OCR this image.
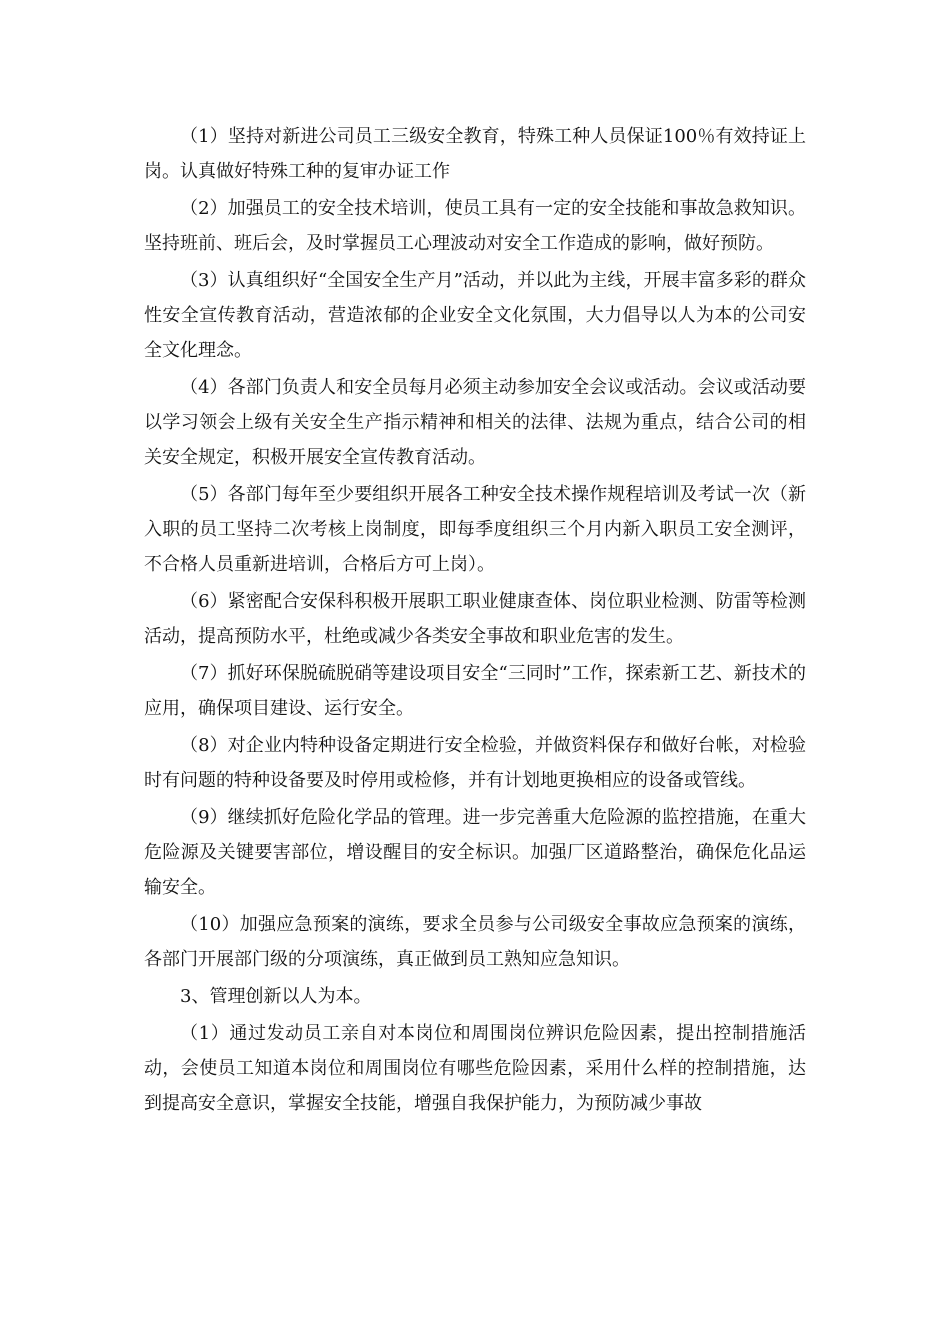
（1）坚持对新进公司员工三级安全教育，特殊工种人员保证100％有效持证上岗。认真做好特殊工种的复审办证工作

（2）加强员工的安全技术培训，使员工具有一定的安全技能和事故急救知识。坚持班前、班后会，及时掌握员工心理波动对安全工作造成的影响，做好预防。

（3）认真组织好“全国安全生产月”活动，并以此为主线，开展丰富多彩的群众性安全宣传教育活动，营造浓郁的企业安全文化氛围，大力倡导以人为本的公司安全文化理念。

（4）各部门负责人和安全员每月必须主动参加安全会议或活动。会议或活动要以学习领会上级有关安全生产指示精神和相关的法律、法规为重点，结合公司的相关安全规定，积极开展安全宣传教育活动。

（5）各部门每年至少要组织开展各工种安全技术操作规程培训及考试一次（新入职的员工坚持二次考核上岗制度，即每季度组织三个月内新入职员工安全测评，不合格人员重新进培训，合格后方可上岗）。

（6）紧密配合安保科积极开展职工职业健康查体、岗位职业检测、防雷等检测活动，提高预防水平，杜绝或减少各类安全事故和职业危害的发生。

（7）抓好环保脱硫脱硝等建设项目安全“三同时”工作，探索新工艺、新技术的应用，确保项目建设、运行安全。

（8）对企业内特种设备定期进行安全检验，并做资料保存和做好台帐，对检验时有问题的特种设备要及时停用或检修，并有计划地更换相应的设备或管线。

（9）继续抓好危险化学品的管理。进一步完善重大危险源的监控措施，在重大危险源及关键要害部位，增设醒目的安全标识。加强厂区道路整治，确保危化品运输安全。

（10）加强应急预案的演练，要求全员参与公司级安全事故应急预案的演练，各部门开展部门级的分项演练，真正做到员工熟知应急知识。

3、管理创新以人为本。

（1）通过发动员工亲自对本岗位和周围岗位辨识危险因素，提出控制措施活动，会使员工知道本岗位和周围岗位有哪些危险因素，采用什么样的控制措施，达到提高安全意识，掌握安全技能，增强自我保护能力，为预防减少事故
